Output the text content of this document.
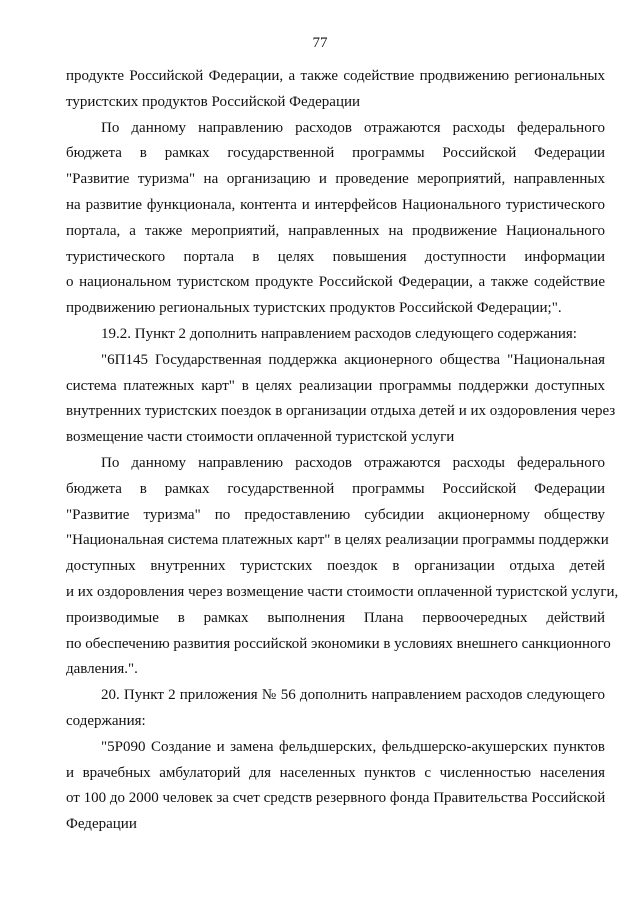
77
продукте Российской Федерации, а также содействие продвижению региональных
туристских продуктов Российской Федерации
По данному направлению расходов отражаются расходы федерального
бюджета в рамках государственной программы Российской Федерации
"Развитие туризма" на организацию и проведение мероприятий, направленных
на развитие функционала, контента и интерфейсов Национального туристического
портала, а также мероприятий, направленных на продвижение Национального
туристического портала в целях повышения доступности информации
о национальном туристском продукте Российской Федерации, а также содействие
продвижению региональных туристских продуктов Российской Федерации;".
19.2. Пункт 2 дополнить направлением расходов следующего содержания:
"6П145 Государственная поддержка акционерного общества "Национальная
система платежных карт" в целях реализации программы поддержки доступных
внутренних туристских поездок в организации отдыха детей и их оздоровления через
возмещение части стоимости оплаченной туристской услуги
По данному направлению расходов отражаются расходы федерального
бюджета в рамках государственной программы Российской Федерации
"Развитие туризма" по предоставлению субсидии акционерному обществу
"Национальная система платежных карт" в целях реализации программы поддержки
доступных внутренних туристских поездок в организации отдыха детей
и их оздоровления через возмещение части стоимости оплаченной туристской услуги,
производимые в рамках выполнения Плана первоочередных действий
по обеспечению развития российской экономики в условиях внешнего санкционного
давления.".
20. Пункт 2 приложения № 56 дополнить направлением расходов следующего
содержания:
"5Р090 Создание и замена фельдшерских, фельдшерско-акушерских пунктов
и врачебных амбулаторий для населенных пунктов с численностью населения
от 100 до 2000 человек за счет средств резервного фонда Правительства Российской
Федерации
